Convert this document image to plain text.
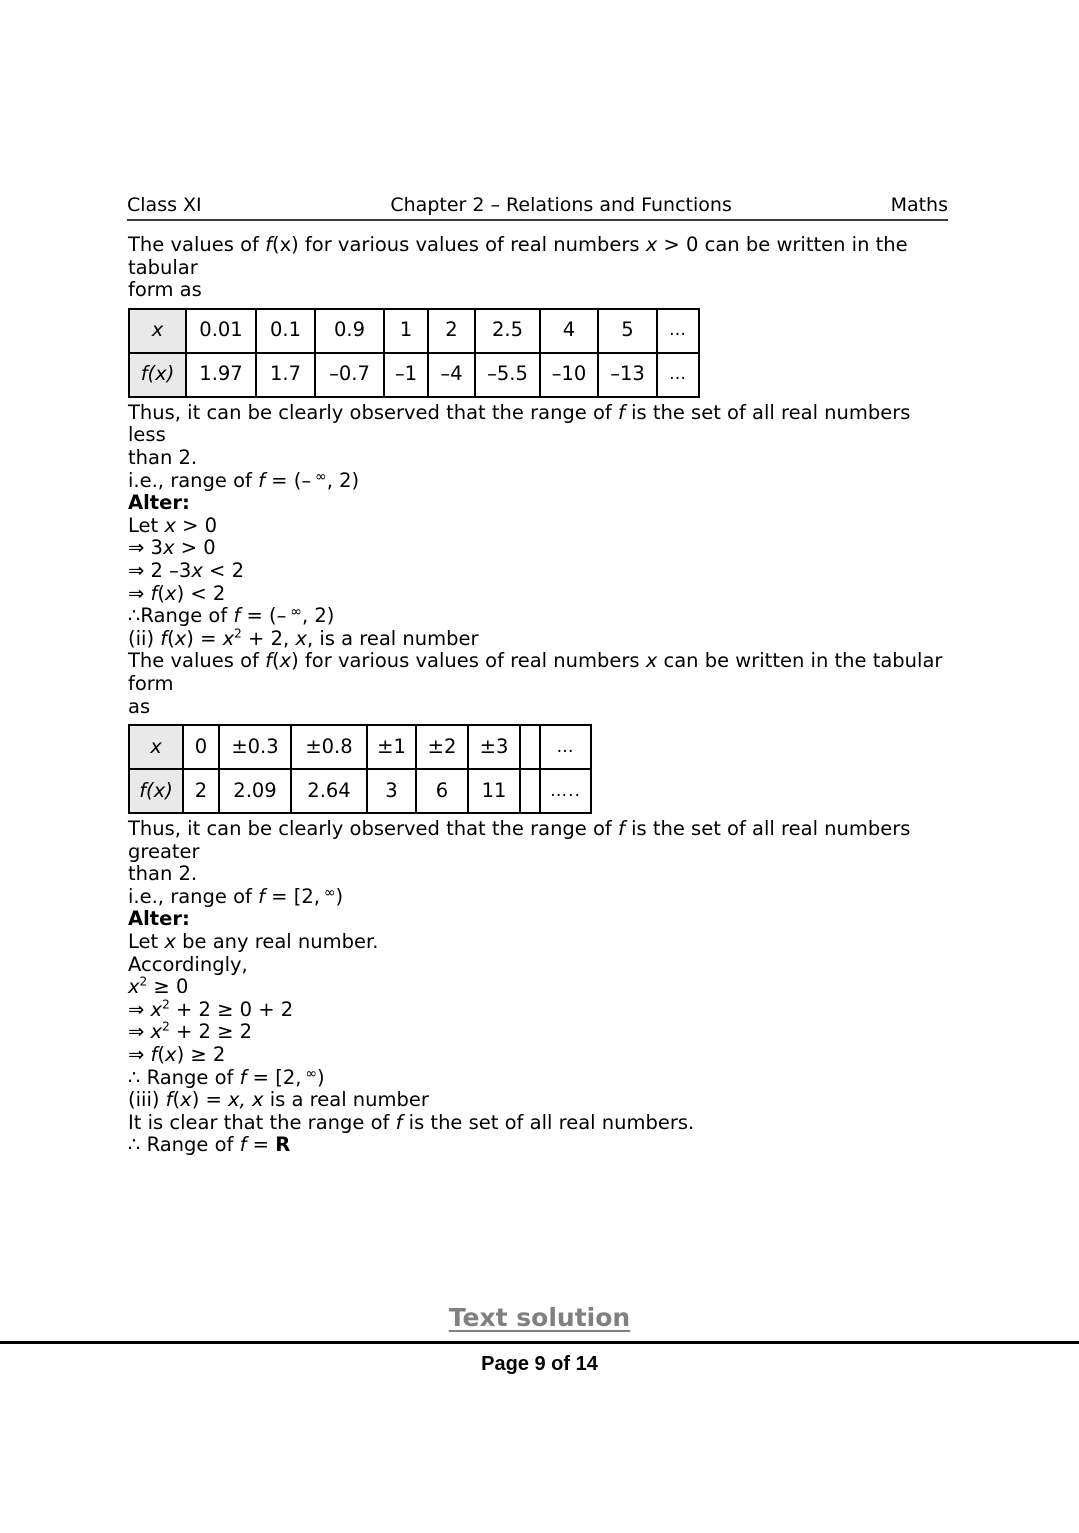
Class XI	Chapter 2 – Relations and Functions	Maths

The values of f(x) for various values of real numbers x > 0 can be written in the tabular

form as

x	0.01	0.1	0.9	1	2	2.5	4	5	…
f(x)	1.97	1.7	–0.7	–1	–4	–5.5	–10	–13	…

Thus, it can be clearly observed that the range of f is the set of all real numbers less

than 2.

i.e., range of f = (– ∞, 2)

Alter:

Let x > 0

⇒ 3x > 0

⇒ 2 –3x < 2

⇒ f(x) < 2

∴Range of f = (– ∞, 2)

(ii) $f(x) = x^2 + 2$, x, is a real number

The values of f(x) for various values of real numbers x can be written in the tabular form

as

x	0	±0.3	±0.8	±1	±2	±3		…
f(x)	2	2.09	2.64	3	6	11		…..

Thus, it can be clearly observed that the range of f is the set of all real numbers greater

than 2.

i.e., range of f = [2, ∞)

Alter:

Let x be any real number.

Accordingly,

$x^2 \ge 0$

⇒ $x^2 + 2 \ge 0 + 2$

⇒ $x^2 + 2 \ge 2$

⇒ f(x) ≥ 2

∴ Range of f = [2, ∞)

(iii) f(x) = x, x is a real number

It is clear that the range of f is the set of all real numbers.

∴ Range of f = R

Text solution
Page 9 of 14
